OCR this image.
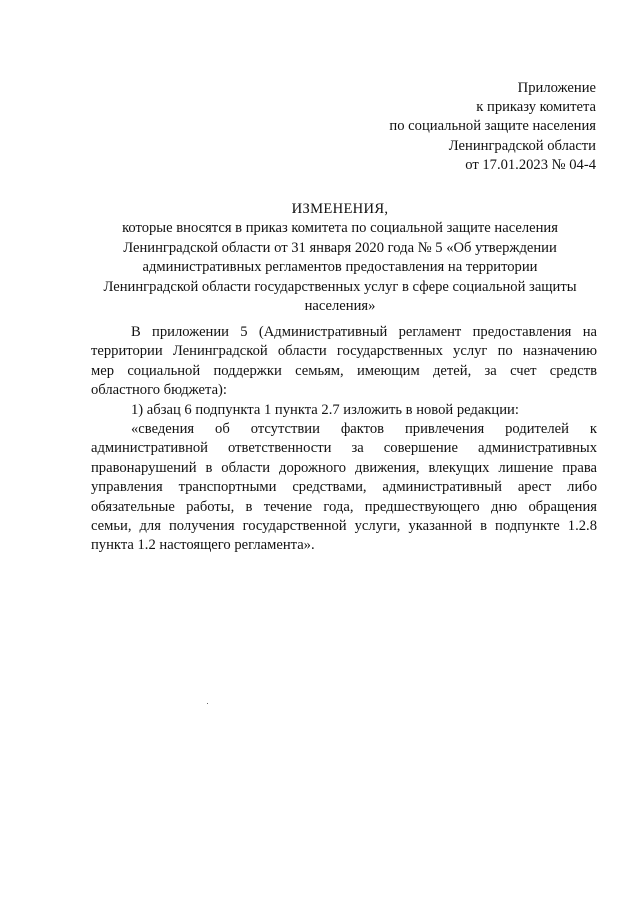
Приложение
к приказу комитета
по социальной защите населения
Ленинградской области
от 17.01.2023 № 04-4
ИЗМЕНЕНИЯ,
которые вносятся в приказ комитета по социальной защите населения
Ленинградской области от 31 января 2020 года № 5 «Об утверждении
административных регламентов предоставления на территории
Ленинградской области государственных услуг в сфере социальной защиты
населения»

В приложении 5 (Административный регламент предоставления на
территории Ленинградской области государственных услуг по назначению
мер социальной поддержки семьям, имеющим детей, за счет средств
областного бюджета):

1) абзац 6 подпункта 1 пункта 2.7 изложить в новой редакции:

«сведения об отсутствии фактов привлечения родителей к
административной ответственности за совершение административных
правонарушений в области дорожного движения, влекущих лишение права
управления транспортными средствами, административный арест либо
обязательные работы, в течение года, предшествующего дню обращения
семьи, для получения государственной услуги, указанной в подпункте 1.2.8
пункта 1.2 настоящего регламента».
